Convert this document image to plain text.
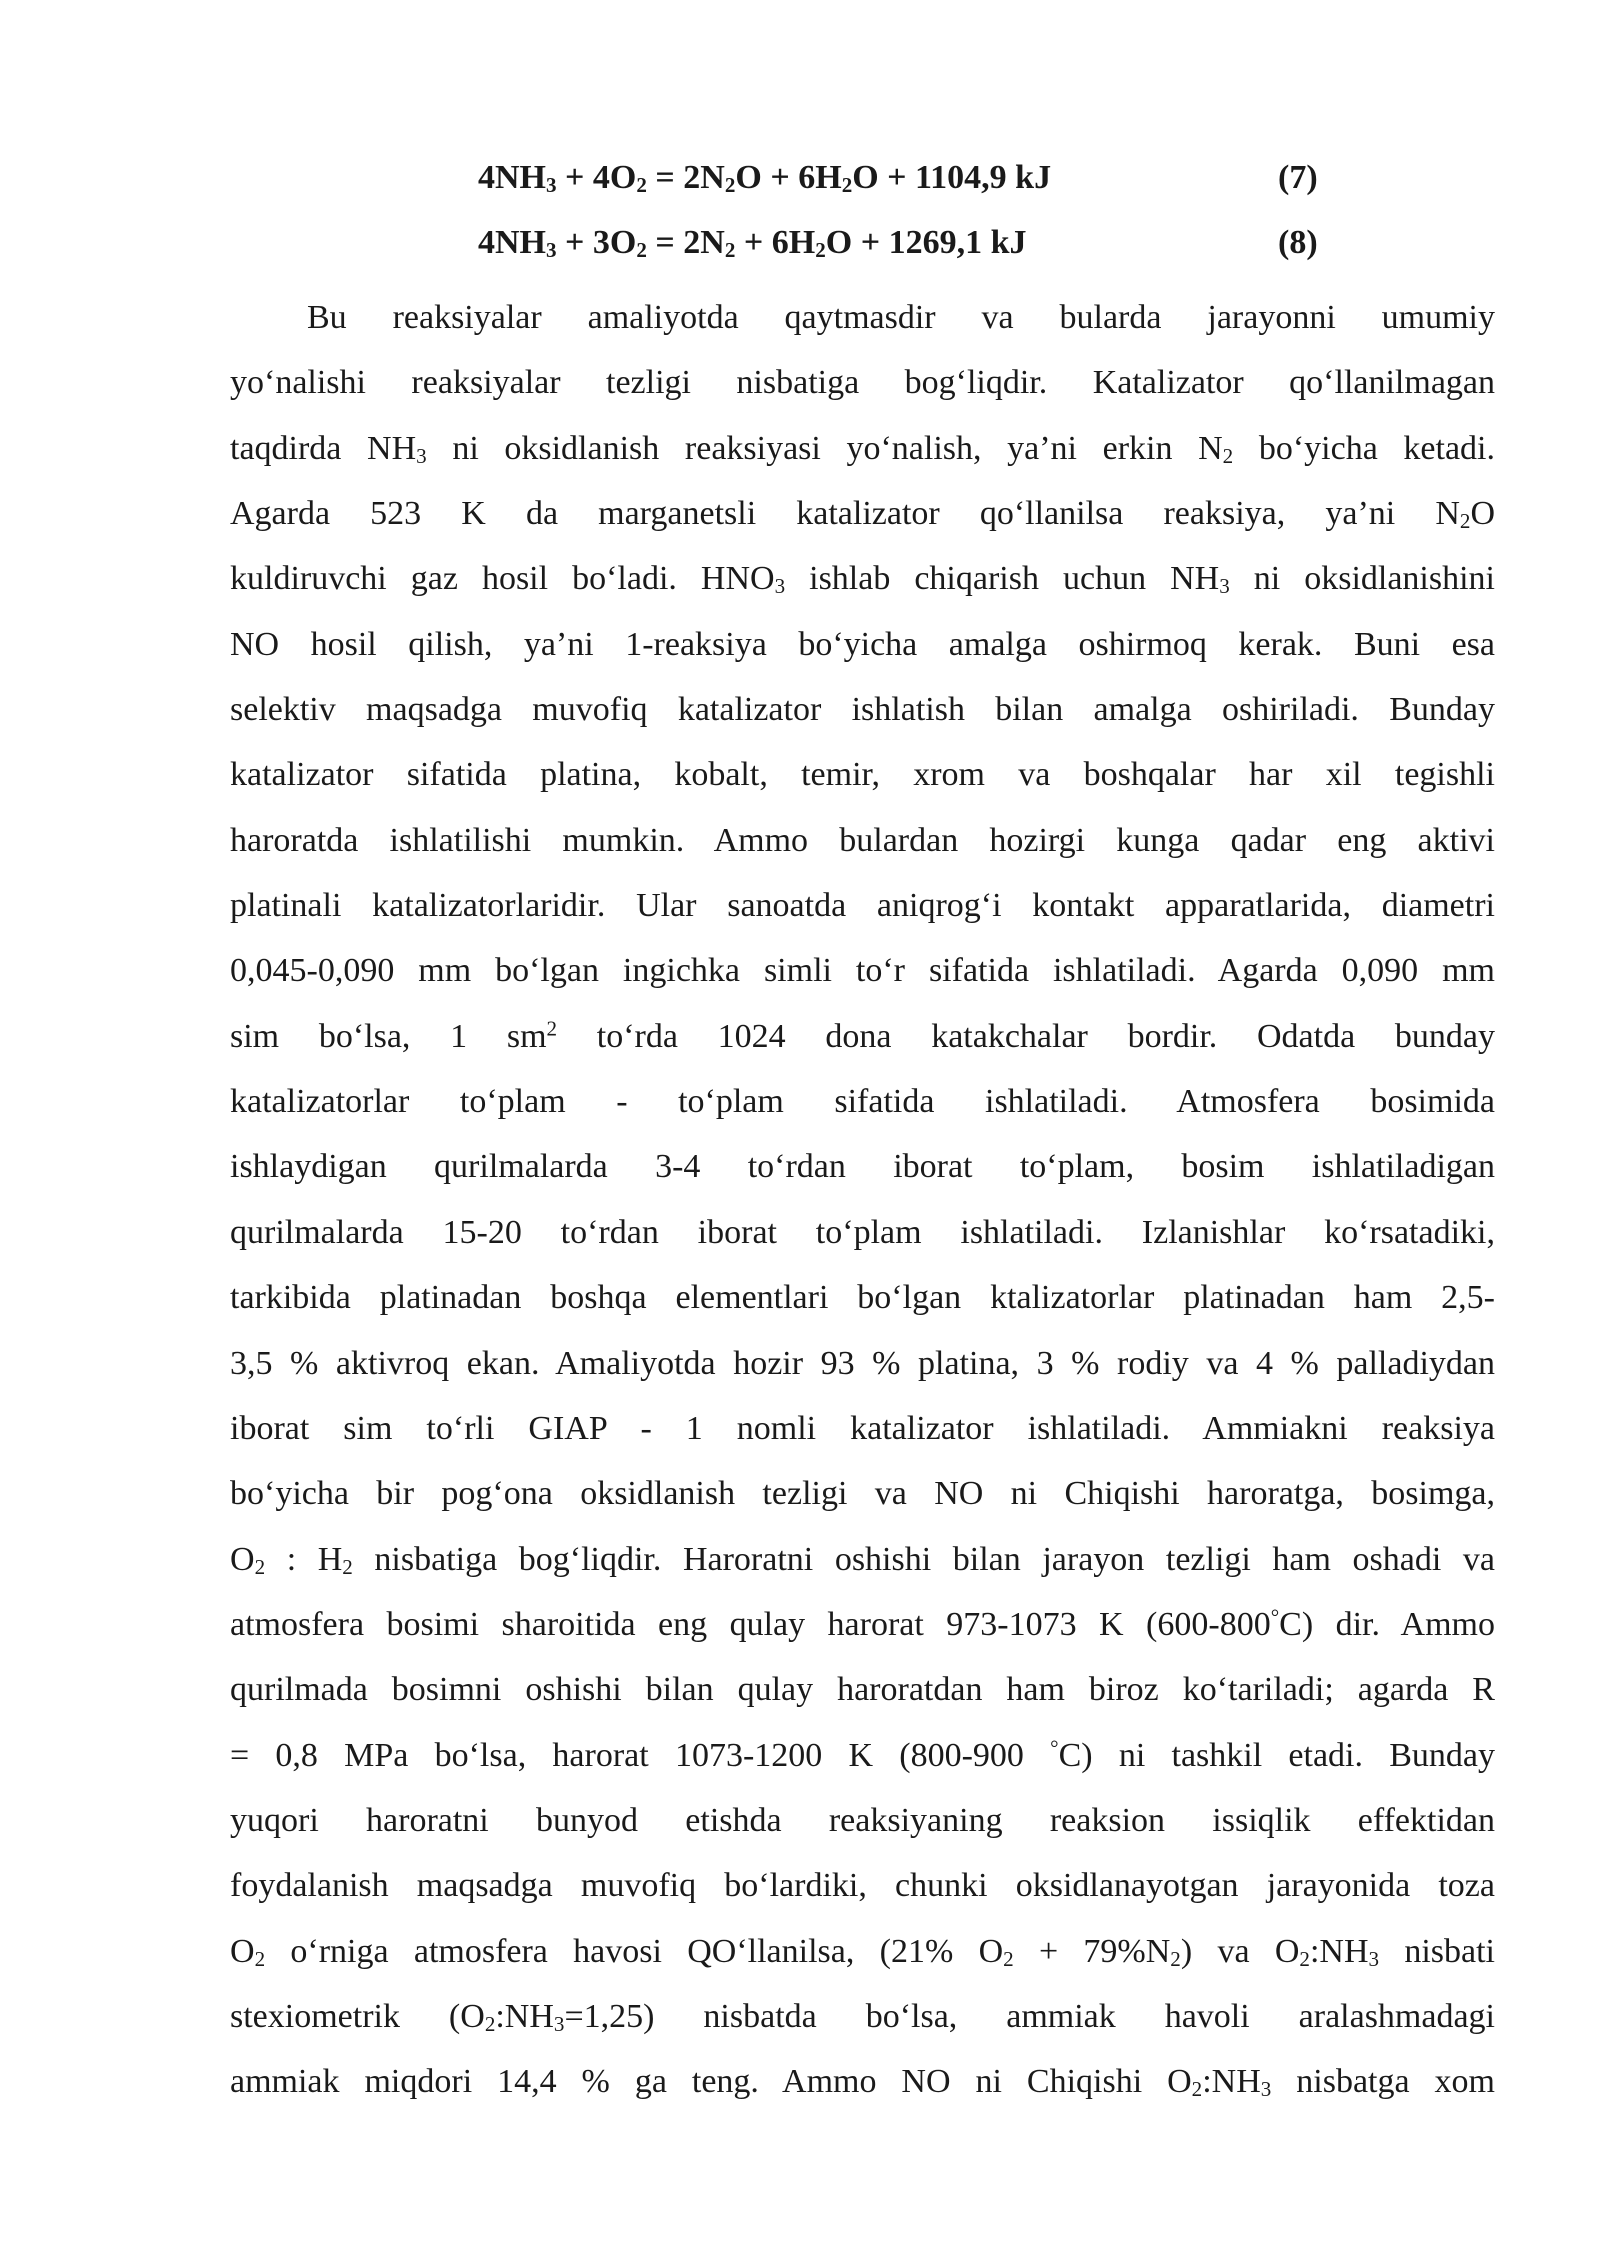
$4NH_3 + 4O_2 = 2N_2O + 6H_2O + 1104,9$ kJ	(7)
$4NH_3 + 3O_2 = 2N_2 + 6H_2O + 1269,1$ kJ	(8)
Bu reaksiyalar amaliyotda qaytmasdir va bularda jarayonni umumiy
yo‘nalishi reaksiyalar tezligi nisbatiga bog‘liqdir. Katalizator qo‘llanilmagan
taqdirda $NH_3$ ni oksidlanish reaksiyasi yo‘nalish, ya’ni erkin $N_2$ bo‘yicha ketadi.
Agarda 523 K da marganetsli katalizator qo‘llanilsa reaksiya, ya’ni $N_2O$
kuldiruvchi gaz hosil bo‘ladi. $HNO_3$ ishlab chiqarish uchun $NH_3$ ni oksidlanishini
NO hosil qilish, ya’ni 1-reaksiya bo‘yicha amalga oshirmoq kerak. Buni esa
selektiv maqsadga muvofiq katalizator ishlatish bilan amalga oshiriladi. Bunday
katalizator sifatida platina, kobalt, temir, xrom va boshqalar har xil tegishli
haroratda ishlatilishi mumkin. Ammo bulardan hozirgi kunga qadar eng aktivi
platinali katalizatorlaridir. Ular sanoatda aniqrog‘i kontakt apparatlarida, diametri
0,045-0,090 mm bo‘lgan ingichka simli to‘r sifatida ishlatiladi. Agarda 0,090 mm
sim bo‘lsa, 1 $sm^2$ to‘rda 1024 dona katakchalar bordir. Odatda bunday
katalizatorlar to‘plam - to‘plam sifatida ishlatiladi. Atmosfera bosimida
ishlaydigan qurilmalarda 3-4 to‘rdan iborat to‘plam, bosim ishlatiladigan
qurilmalarda 15-20 to‘rdan iborat to‘plam ishlatiladi. Izlanishlar ko‘rsatadiki,
tarkibida platinadan boshqa elementlari bo‘lgan ktalizatorlar platinadan ham 2,5-
3,5 % aktivroq ekan. Amaliyotda hozir 93 % platina, 3 % rodiy va 4 % palladiydan
iborat sim to‘rli GIAP - 1 nomli katalizator ishlatiladi. Ammiakni reaksiya
bo‘yicha bir pog‘ona oksidlanish tezligi va NO ni Chiqishi haroratga, bosimga,
$O_2$ : $H_2$ nisbatiga bog‘liqdir. Haroratni oshishi bilan jarayon tezligi ham oshadi va
atmosfera bosimi sharoitida eng qulay harorat 973-1073 K (600-800°C) dir. Ammo
qurilmada bosimni oshishi bilan qulay haroratdan ham biroz ko‘tariladi; agarda R
= 0,8 MPa bo‘lsa, harorat 1073-1200 K (800-900 °C) ni tashkil etadi. Bunday
yuqori haroratni bunyod etishda reaksiyaning reaksion issiqlik effektidan
foydalanish maqsadga muvofiq bo‘lardiki, chunki oksidlanayotgan jarayonida toza
$O_2$ o‘rniga atmosfera havosi QO‘llanilsa, (21% $O_2 + 79\%N_2$) va $O_2:NH_3$ nisbati
stexiometrik $(O_2:NH_3=1,25)$ nisbatda bo‘lsa, ammiak havoli aralashmadagi
ammiak miqdori 14,4 % ga teng. Ammo NO ni Chiqishi $O_2:NH_3$ nisbatga xom
